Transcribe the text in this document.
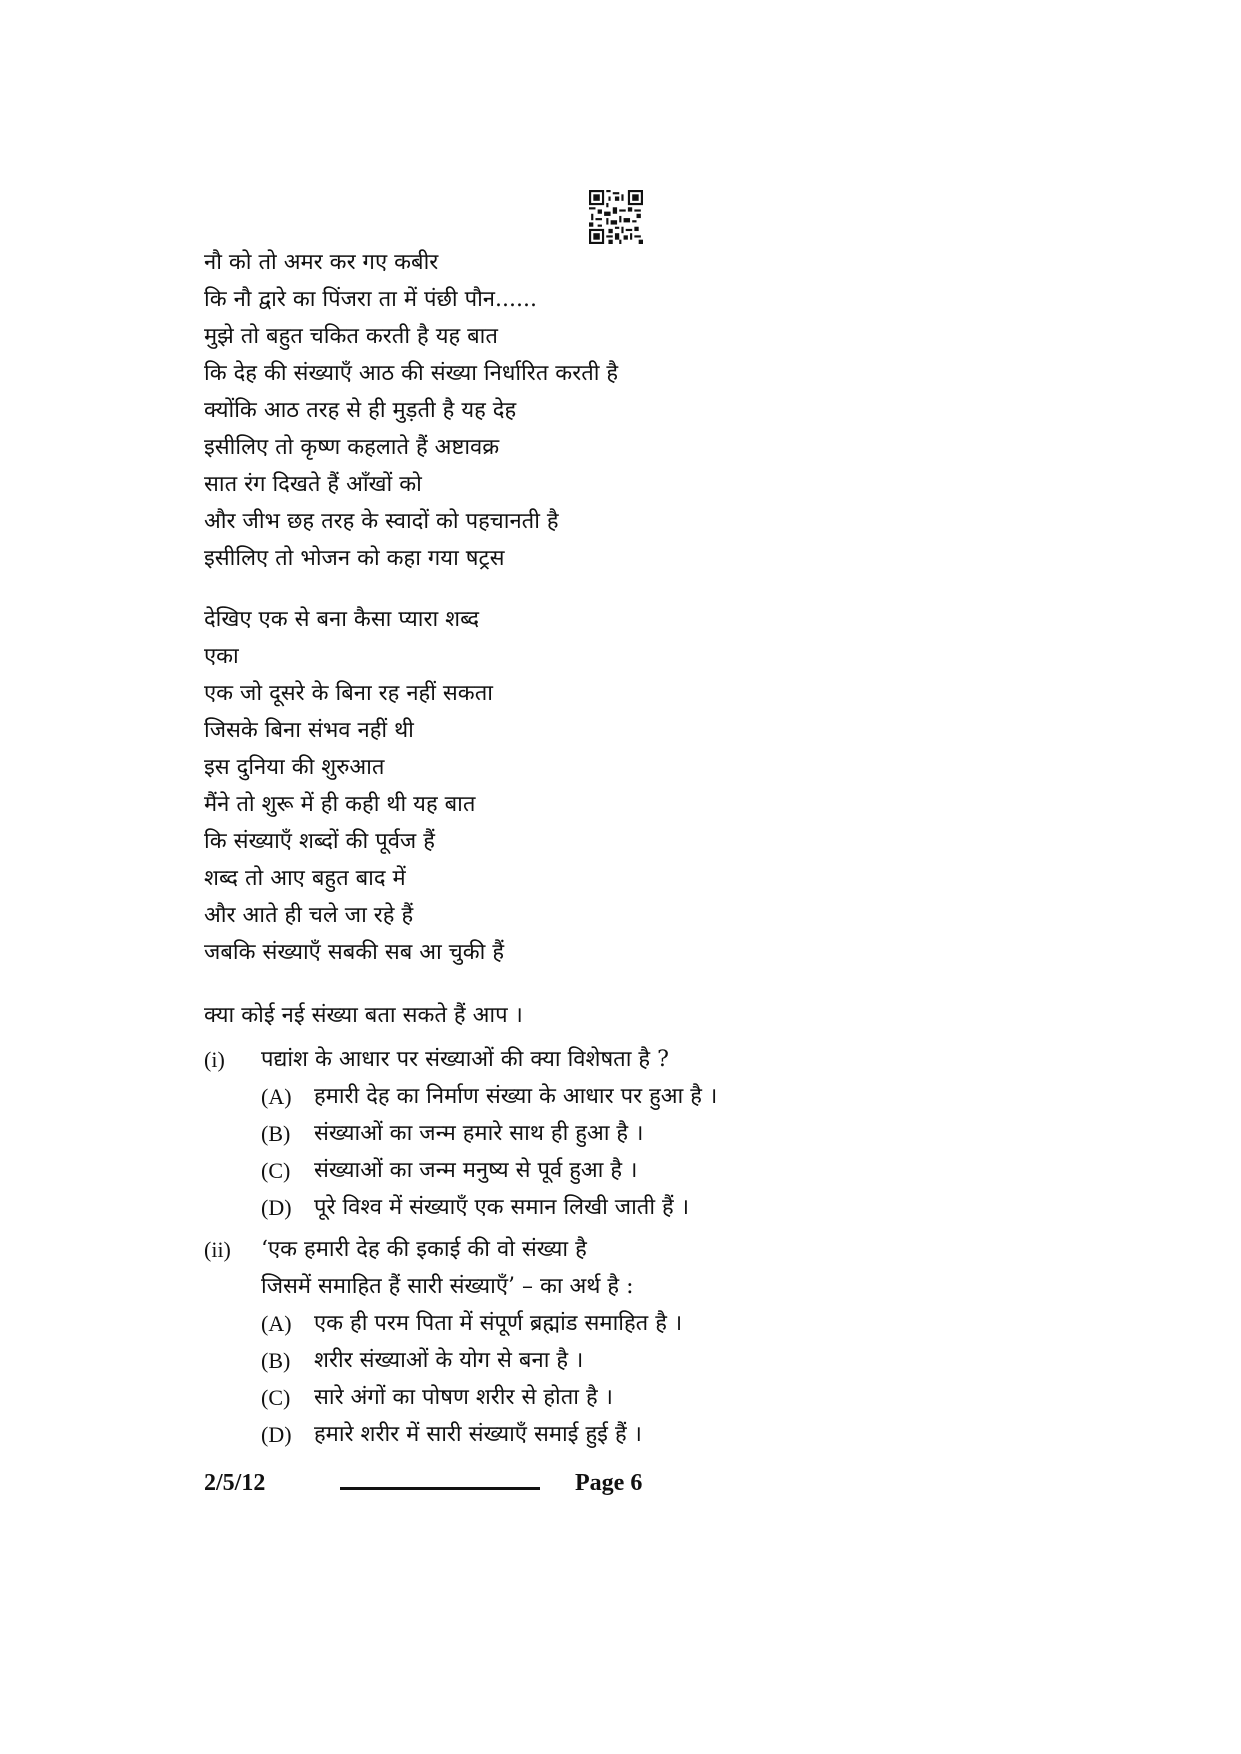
नौ को तो अमर कर गए कबीर
कि नौ द्वारे का पिंजरा ता में पंछी पौन......
मुझे तो बहुत चकित करती है यह बात
कि देह की संख्याएँ आठ की संख्या निर्धारित करती है
क्योंकि आठ तरह से ही मुड़ती है यह देह
इसीलिए तो कृष्ण कहलाते हैं अष्टावक्र
सात रंग दिखते हैं आँखों को
और जीभ छह तरह के स्वादों को पहचानती है
इसीलिए तो भोजन को कहा गया षट्रस
देखिए एक से बना कैसा प्यारा शब्द
एका
एक जो दूसरे के बिना रह नहीं सकता
जिसके बिना संभव नहीं थी
इस दुनिया की शुरुआत
मैंने तो शुरू में ही कही थी यह बात
कि संख्याएँ शब्दों की पूर्वज हैं
शब्द तो आए बहुत बाद में
और आते ही चले जा रहे हैं
जबकि संख्याएँ सबकी सब आ चुकी हैं
क्या कोई नई संख्या बता सकते हैं आप ।
(i)	पद्यांश के आधार पर संख्याओं की क्या विशेषता है ?
(A) हमारी देह का निर्माण संख्या के आधार पर हुआ है ।
(B) संख्याओं का जन्म हमारे साथ ही हुआ है ।
(C) संख्याओं का जन्म मनुष्य से पूर्व हुआ है ।
(D) पूरे विश्व में संख्याएँ एक समान लिखी जाती हैं ।
(ii)	‘एक हमारी देह की इकाई की वो संख्या है
जिसमें समाहित हैं सारी संख्याएँ’ – का अर्थ है :
(A) एक ही परम पिता में संपूर्ण ब्रह्मांड समाहित है ।
(B) शरीर संख्याओं के योग से बना है ।
(C) सारे अंगों का पोषण शरीर से होता है ।
(D) हमारे शरीर में सारी संख्याएँ समाई हुई हैं ।
2/5/12	Page 6
